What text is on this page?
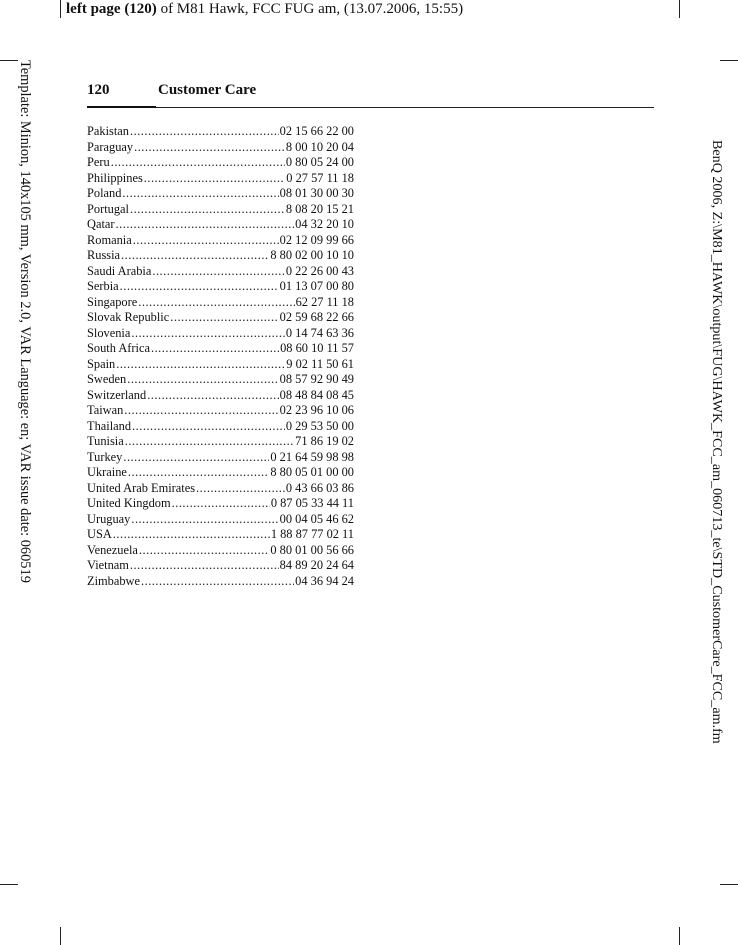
left page (120) of M81 Hawk, FCC FUG am, (13.07.2006, 15:55)
Template: Minion, 140x105 mm, Version 2.0, VAR Language: en; VAR issue date: 060519	BenQ 2006, Z:\M81_HAWK\output\FUG\HAWK_FCC_am_060713_te\STD_CustomerCare_FCC_am.fm
120	Customer Care
Pakistan .....	02 15 66 22 00
Paraguay .....	8 00 10 20 04
Peru .....	0 80 05 24 00
Philippines .....	0 27 57 11 18
Poland .....	08 01 30 00 30
Portugal .....	8 08 20 15 21
Qatar .....	04 32 20 10
Romania .....	02 12 09 99 66
Russia .....	8 80 02 00 10 10
Saudi Arabia .....	0 22 26 00 43
Serbia .....	01 13 07 00 80
Singapore .....	62 27 11 18
Slovak Republic .....	02 59 68 22 66
Slovenia .....	0 14 74 63 36
South Africa .....	08 60 10 11 57
Spain .....	9 02 11 50 61
Sweden .....	08 57 92 90 49
Switzerland .....	08 48 84 08 45
Taiwan .....	02 23 96 10 06
Thailand .....	0 29 53 50 00
Tunisia .....	71 86 19 02
Turkey .....	0 21 64 59 98 98
Ukraine .....	8 80 05 01 00 00
United Arab Emirates .....	0 43 66 03 86
United Kingdom .....	0 87 05 33 44 11
Uruguay .....	00 04 05 46 62
USA .....	1 88 87 77 02 11
Venezuela .....	0 80 01 00 56 66
Vietnam .....	84 89 20 24 64
Zimbabwe .....	04 36 94 24
